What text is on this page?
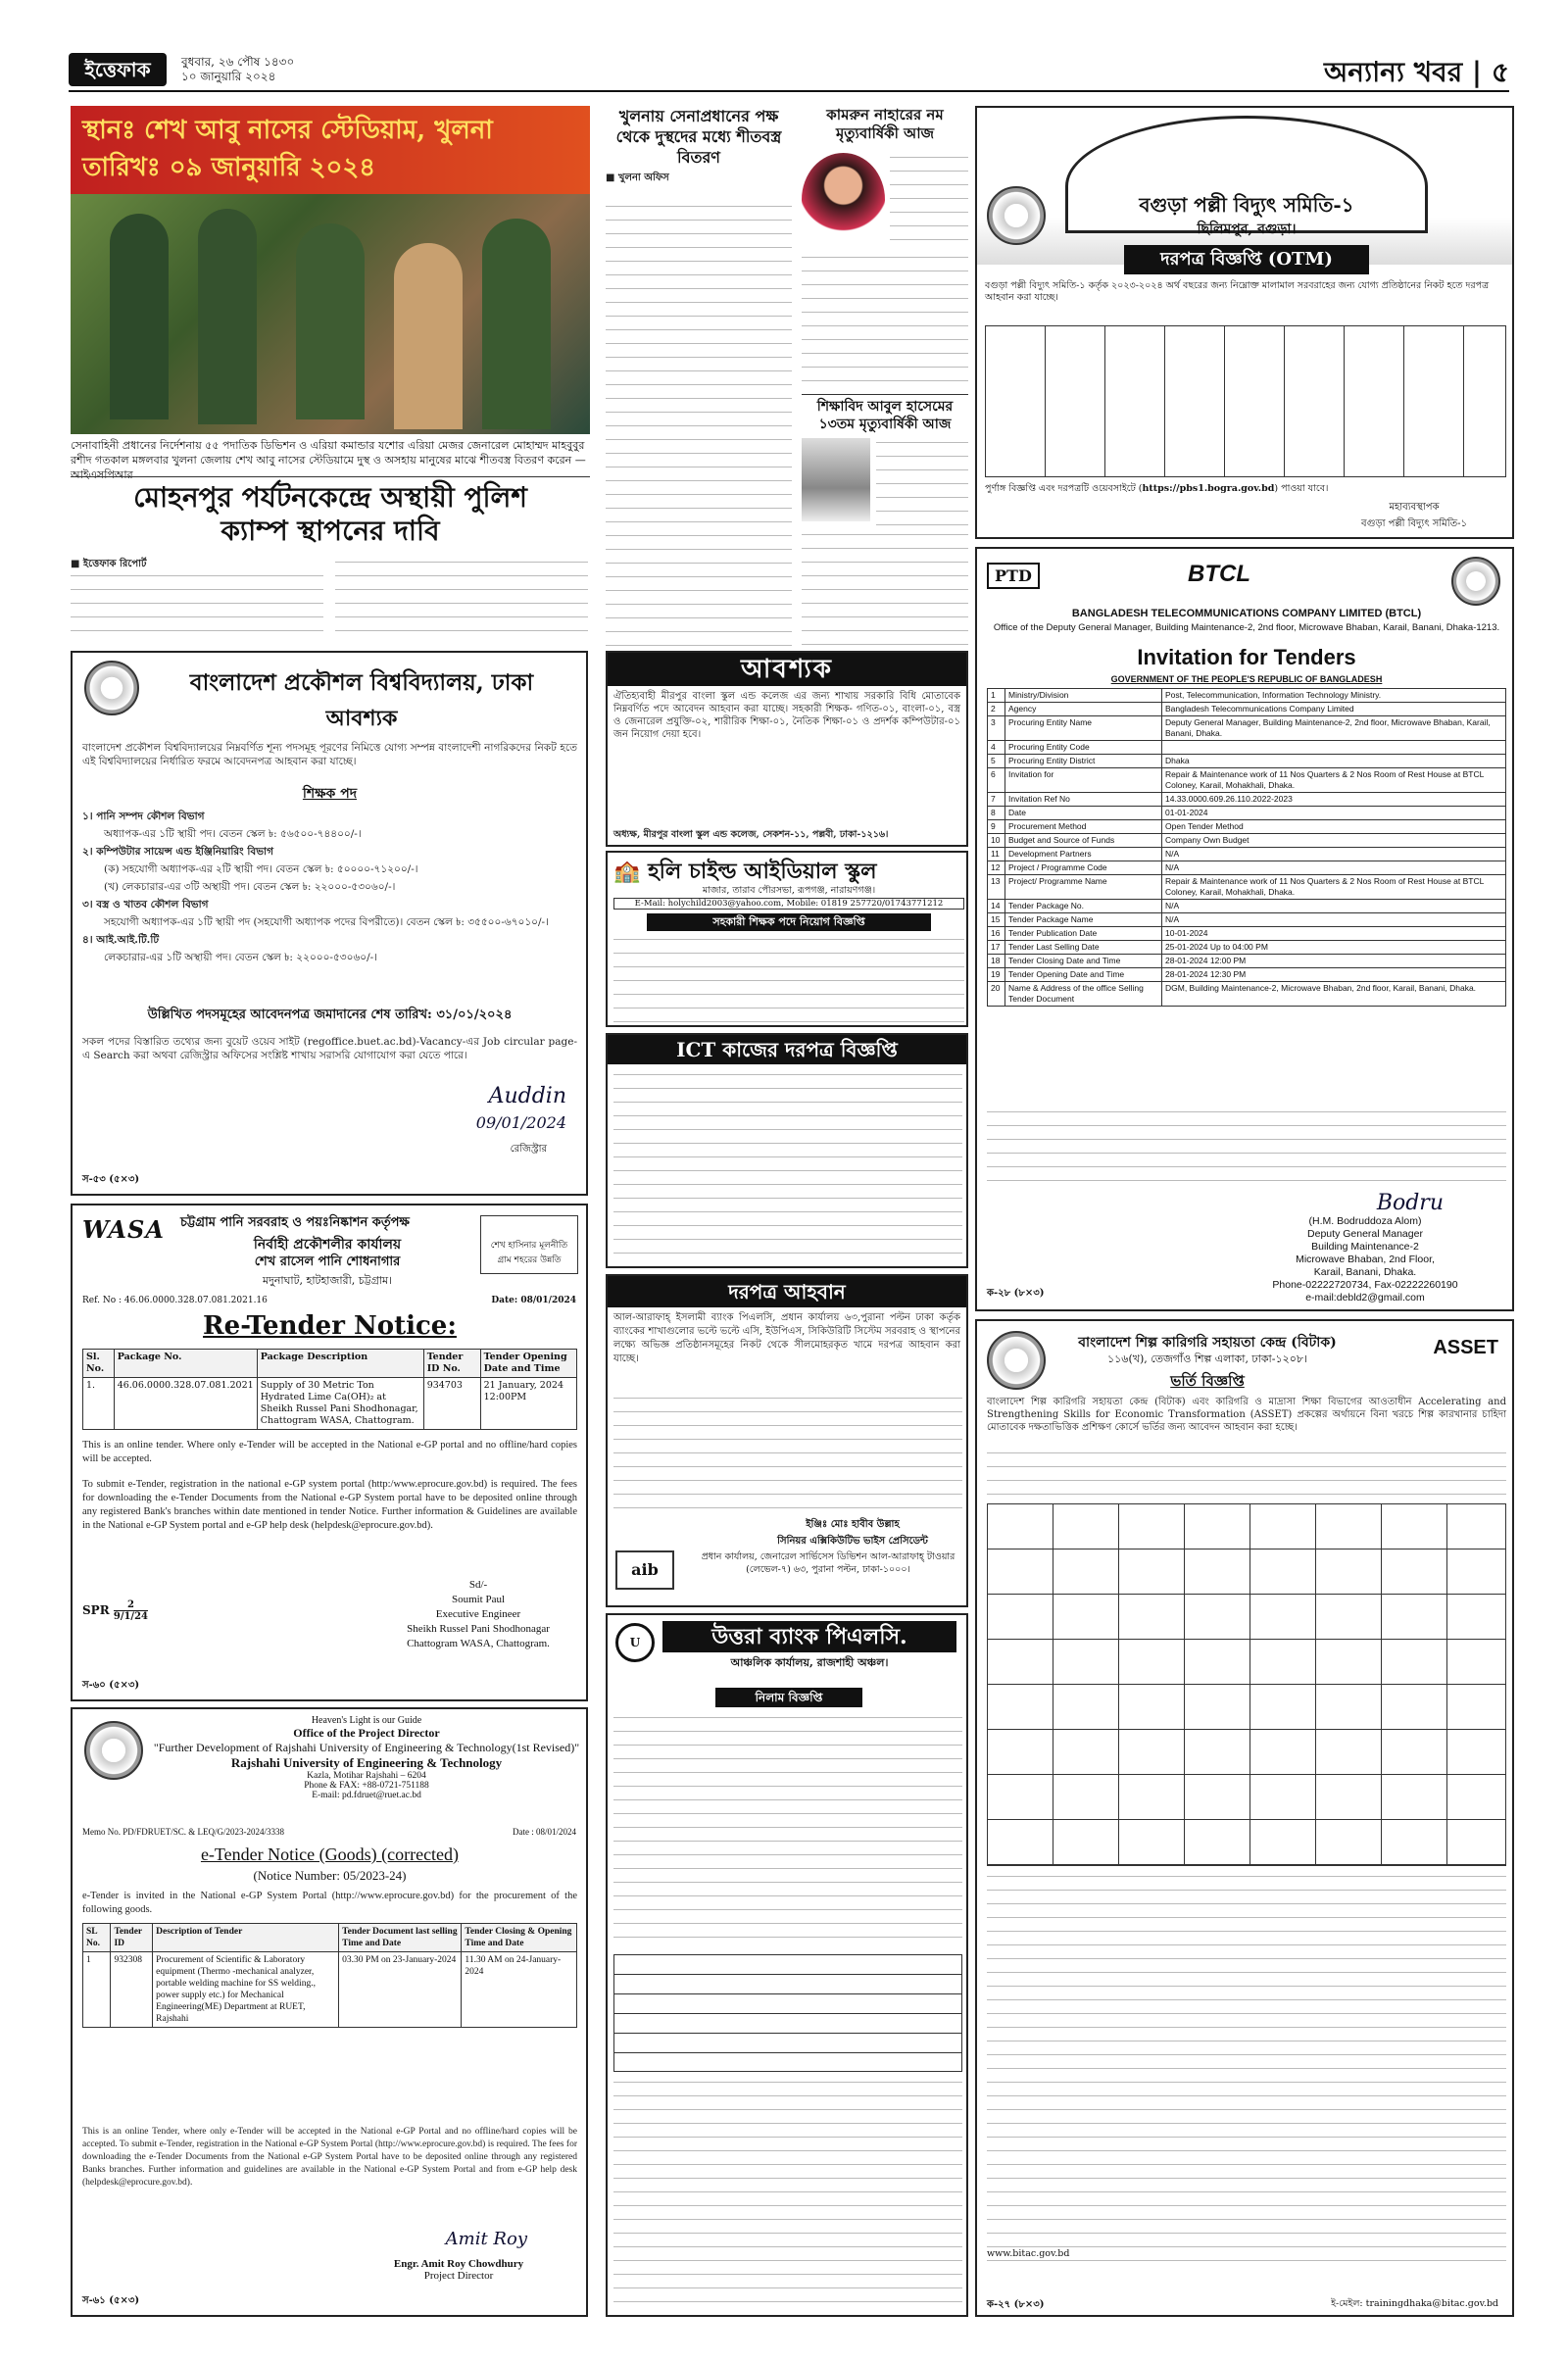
ইত্তেফাক	বুধবার, ২৬ পৌষ ১৪৩০
১০ জানুয়ারি ২০২৪	অন্যান্য খবর | ৫
স্থানঃ শেখ আবু নাসের স্টেডিয়াম, খুলনা
তারিখঃ ০৯ জানুয়ারি ২০২৪
সেনাবাহিনী প্রধানের নির্দেশনায় ৫৫ পদাতিক ডিভিশন ও এরিয়া কমান্ডার যশোর এরিয়া মেজর জেনারেল মোহাম্মদ মাহবুবুর রশীদ গতকাল মঙ্গলবার খুলনা জেলায় শেখ আবু নাসের স্টেডিয়ামে দুস্থ ও অসহায় মানুষের মাঝে শীতবস্ত্র বিতরণ করেন —আইএসপিআর
মোহনপুর পর্যটনকেন্দ্রে অস্থায়ী পুলিশ ক্যাম্প স্থাপনের দাবি
■ ইত্তেফাক রিপোর্ট
খুলনায় সেনাপ্রধানের পক্ষ থেকে দুস্থদের মধ্যে শীতবস্ত্র বিতরণ
■ খুলনা অফিস
কামরুন নাহারের নম মৃত্যুবার্ষিকী আজ
শিক্ষাবিদ আবুল হাসেমের ১৩তম মৃত্যুবার্ষিকী আজ
বগুড়া পল্লী বিদ্যুৎ সমিতি-১
ছিলিমপুর, বগুড়া।
দরপত্র বিজ্ঞপ্তি (OTM)
বগুড়া পল্লী বিদ্যুৎ সমিতি-১ কর্তৃক ২০২৩-২০২৪ অর্থ বছরের জন্য নিম্নোক্ত মালামাল সরবরাহের জন্য যোগ্য প্রতিষ্ঠানের নিকট হতে দরপত্র আহবান করা যাচ্ছে।
পুর্ণাঙ্গ বিজ্ঞপ্তি এবং দরপত্রটি ওয়েবসাইটে (https://pbs1.bogra.gov.bd) পাওয়া যাবে।
মহাব্যবস্থাপক
বগুড়া পল্লী বিদ্যুৎ সমিতি-১
বাংলাদেশ প্রকৌশল বিশ্ববিদ্যালয়, ঢাকা
আবশ্যক
বাংলাদেশ প্রকৌশল বিশ্ববিদ্যালয়ের নিম্নবর্ণিত শূন্য পদসমূহ পূরণের নিমিত্তে যোগ্য সম্পন্ন বাংলাদেশী নাগরিকদের নিকট হতে এই বিশ্ববিদ্যালয়ের নির্ধারিত ফরমে আবেদনপত্র আহবান করা যাচ্ছে।
শিক্ষক পদ
১। পানি সম্পদ কৌশল বিভাগ
অধ্যাপক-এর ১টি স্থায়ী পদ। বেতন স্কেল ৳: ৫৬৫০০-৭৪৪০০/-।
২। কম্পিউটার সায়েন্স এন্ড ইঞ্জিনিয়ারিং বিভাগ
(ক) সহযোগী অধ্যাপক-এর ২টি স্থায়ী পদ। বেতন স্কেল ৳: ৫০০০০-৭১২০০/-।
(খ) লেকচারার-এর ৩টি অস্থায়ী পদ। বেতন স্কেল ৳: ২২০০০-৫৩০৬০/-।
৩। বস্ত্র ও খাতব কৌশল বিভাগ
সহযোগী অধ্যাপক-এর ১টি স্থায়ী পদ (সহযোগী অধ্যাপক পদের বিপরীতে)। বেতন স্কেল ৳: ৩৫৫০০-৬৭০১০/-।
৪। আই.আই.টি.টি
লেকচারার-এর ১টি অস্থায়ী পদ। বেতন স্কেল ৳: ২২০০০-৫৩০৬০/-।
উল্লিখিত পদসমূহের আবেদনপত্র জমাদানের শেষ তারিখ: ৩১/০১/২০২৪
সকল পদের বিস্তারিত তথ্যের জন্য বুয়েট ওয়েব সাইট (regoffice.buet.ac.bd)-Vacancy-এর Job circular page-এ Search করা অথবা রেজিস্ট্রার অফিসের সংশ্লিষ্ট শাখায় সরাসরি যোগাযোগ করা যেতে পারে।
Auddin
09/01/2024
রেজিস্ট্রার
স-৫৩ (৫×৩)
WASA চট্টগ্রাম পানি সরবরাহ ও পয়ঃনিষ্কাশন কর্তৃপক্ষ
নির্বাহী প্রকৌশলীর কার্যালয়
শেখ রাসেল পানি শোধনাগার
মদুনাঘাট, হাটহাজারী, চট্টগ্রাম।
শেখ হাসিনার মূলনীতি গ্রাম শহরের উন্নতি
Ref. No : 46.06.0000.328.07.081.2021.16	Date: 08/01/2024
Re-Tender Notice:
Sl. No.	Package No.	Package Description	Tender ID No.	Tender Opening Date and Time
1.	46.06.0000.328.07.081.2021	Supply of 30 Metric Ton Hydrated Lime Ca(OH)₂ at Sheikh Russel Pani Shodhonagar, Chattogram WASA, Chattogram.	934703	21 January, 2024 12:00PM
This is an online tender. Where only e-Tender will be accepted in the National e-GP portal and no offline/hard copies will be accepted.
To submit e-Tender, registration in the national e-GP system portal (http:/www.eprocure.gov.bd) is required. The fees for downloading the e-Tender Documents from the National e-GP System portal have to be deposited online through any registered Bank's branches within date mentioned in tender Notice. Further information & Guidelines are available in the National e-GP System portal and e-GP help desk (helpdesk@eprocure.gov.bd).
SPR $\frac{2}{9/1/24}$
Sd/-
Soumit Paul
Executive Engineer
Sheikh Russel Pani Shodhonagar
Chattogram WASA, Chattogram.
স-৬০ (৫×৩)
Heaven's Light is our Guide
Office of the Project Director
"Further Development of Rajshahi University of Engineering & Technology(1st Revised)"
Rajshahi University of Engineering & Technology
Kazla, Motihar Rajshahi – 6204
Phone & FAX: +88-0721-751188
E-mail: pd.fdruet@ruet.ac.bd
Memo No. PD/FDRUET/SC. & LEQ/G/2023-2024/3338	Date : 08/01/2024
e-Tender Notice (Goods) (corrected)
(Notice Number: 05/2023-24)
e-Tender is invited in the National e-GP System Portal (http://www.eprocure.gov.bd) for the procurement of the following goods.
SL No.	Tender ID	Description of Tender	Tender Document last selling Time and Date	Tender Closing & Opening Time and Date
1	932308	Procurement of Scientific & Laboratory equipment (Thermo -mechanical analyzer, portable welding machine for SS welding., power supply etc.) for Mechanical Engineering(ME) Department at RUET, Rajshahi	03.30 PM on 23-January-2024	11.30 AM on 24-January-2024
This is an online Tender, where only e-Tender will be accepted in the National e-GP Portal and no offline/hard copies will be accepted. To submit e-Tender, registration in the National e-GP System Portal (http://www.eprocure.gov.bd) is required. The fees for downloading the e-Tender Documents from the National e-GP System Portal have to be deposited online through any registered Banks branches. Further information and guidelines are available in the National e-GP System Portal and from e-GP help desk (helpdesk@eprocure.gov.bd).
Amit Roy
Engr. Amit Roy Chowdhury
Project Director
স-৬১ (৫×৩)
আবশ্যক
ঐতিহ্যবাহী মীরপুর বাংলা স্কুল এন্ড কলেজ এর জন্য শাখায় সরকারি বিধি মোতাবেক নিম্নবর্ণিত পদে আবেদন আহবান করা যাচ্ছে। সহকারী শিক্ষক- গণিত-০১, বাংলা-০১, বস্ত্র ও জেনারেল প্রযুক্তি-০২, শারীরিক শিক্ষা-০১, নৈতিক শিক্ষা-০১ ও প্রদর্শক কম্পিউটার-০১ জন নিয়োগ দেয়া হবে।
অধ্যক্ষ, মীরপুর বাংলা স্কুল এন্ড কলেজ, সেকশন-১১, পল্লবী, ঢাকা-১২১৬।
🏫 হলি চাইল্ড আইডিয়াল স্কুল
মাজার, তারাব পৌরসভা, রূপগঞ্জ, নারায়ণগঞ্জ।
E-Mail: holychild2003@yahoo.com, Mobile: 01819 257720/01743771212
সহকারী শিক্ষক পদে নিয়োগ বিজ্ঞপ্তি
ICT কাজের দরপত্র বিজ্ঞপ্তি
দরপত্র আহবান
আল-আরাফাহ্ ইসলামী ব্যাংক পিএলসি, প্রধান কার্যালয় ৬৩,পুরানা পল্টন ঢাকা কর্তৃক ব্যাংকের শাখাগুলোর ভল্টে ভল্টে এসি, ইউপিএস, সিকিউরিটি সিস্টেম সরবরাহ ও স্থাপনের লক্ষ্যে অভিজ্ঞ প্রতিষ্ঠানসমূহের নিকট থেকে সীলমোহরকৃত খামে দরপত্র আহবান করা যাচ্ছে।
ইঞ্জিঃ মোঃ হাবীব উল্লাহ
সিনিয়র এক্সিকিউটিভ ভাইস প্রেসিডেন্ট
aib
প্রধান কার্যালয়, জেনারেল সার্ভিসেস ডিভিশন আল-আরাফাহ্ টাওয়ার (লেভেল-৭) ৬৩, পুরানা পল্টন, ঢাকা-১০০০।
U	উত্তরা ব্যাংক পিএলসি.
আঞ্চলিক কার্যালয়, রাজশাহী অঞ্চল।
নিলাম বিজ্ঞপ্তি
PTD	BTCL
BANGLADESH TELECOMMUNICATIONS COMPANY LIMITED (BTCL)
Office of the Deputy General Manager, Building Maintenance-2, 2nd floor, Microwave Bhaban, Karail, Banani, Dhaka-1213.
Invitation for Tenders
GOVERNMENT OF THE PEOPLE'S REPUBLIC OF BANGLADESH
1	Ministry/Division	Post, Telecommunication, Information Technology Ministry.
2	Agency	Bangladesh Telecommunications Company Limited
3	Procuring Entity Name	Deputy General Manager, Building Maintenance-2, 2nd floor, Microwave Bhaban, Karail, Banani, Dhaka.
4	Procuring Entity Code	
5	Procuring Entity District	Dhaka
6	Invitation for	Repair & Maintenance work of 11 Nos Quarters & 2 Nos Room of Rest House at BTCL Coloney, Karail, Mohakhali, Dhaka.
7	Invitation Ref No	14.33.0000.609.26.110.2022-2023
8	Date	01-01-2024
9	Procurement Method	Open Tender Method
10	Budget and Source of Funds	Company Own Budget
11	Development Partners	N/A
12	Project / Programme Code	N/A
13	Project/ Programme Name	Repair & Maintenance work of 11 Nos Quarters & 2 Nos Room of Rest House at BTCL Coloney, Karail, Mohakhali, Dhaka.
14	Tender Package No.	N/A
15	Tender Package Name	N/A
16	Tender Publication Date	10-01-2024
17	Tender Last Selling Date	25-01-2024 Up to 04:00 PM
18	Tender Closing Date and Time	28-01-2024 12:00 PM
19	Tender Opening Date and Time	28-01-2024 12:30 PM
20	Name & Address of the office Selling Tender Document	DGM, Building Maintenance-2, Microwave Bhaban, 2nd floor, Karail, Banani, Dhaka.
Bodru
(H.M. Bodruddoza Alom)
Deputy General Manager
Building Maintenance-2
Microwave Bhaban, 2nd Floor,
Karail, Banani, Dhaka.
Phone-02222720734, Fax-02222260190
e-mail:debld2@gmail.com
ক-২৮ (৮×৩)
বাংলাদেশ শিল্প কারিগরি সহায়তা কেন্দ্র (বিটাক)
১১৬(খ), তেজগাঁও শিল্প এলাকা, ঢাকা-১২০৮।
ASSET
ভর্তি বিজ্ঞপ্তি
বাংলাদেশ শিল্প কারিগরি সহায়তা কেন্দ্র (বিটাক) এবং কারিগরি ও মাদ্রাসা শিক্ষা বিভাগের আওতাধীন Accelerating and Strengthening Skills for Economic Transformation (ASSET) প্রকল্পের অর্থায়নে বিনা খরচে শিল্প কারখানার চাহিদা মোতাবেক দক্ষতাভিত্তিক প্রশিক্ষণ কোর্সে ভর্তির জন্য আবেদন আহবান করা হচ্ছে।
www.bitac.gov.bd
ই-মেইল: trainingdhaka@bitac.gov.bd
ক-২৭ (৮×৩)
